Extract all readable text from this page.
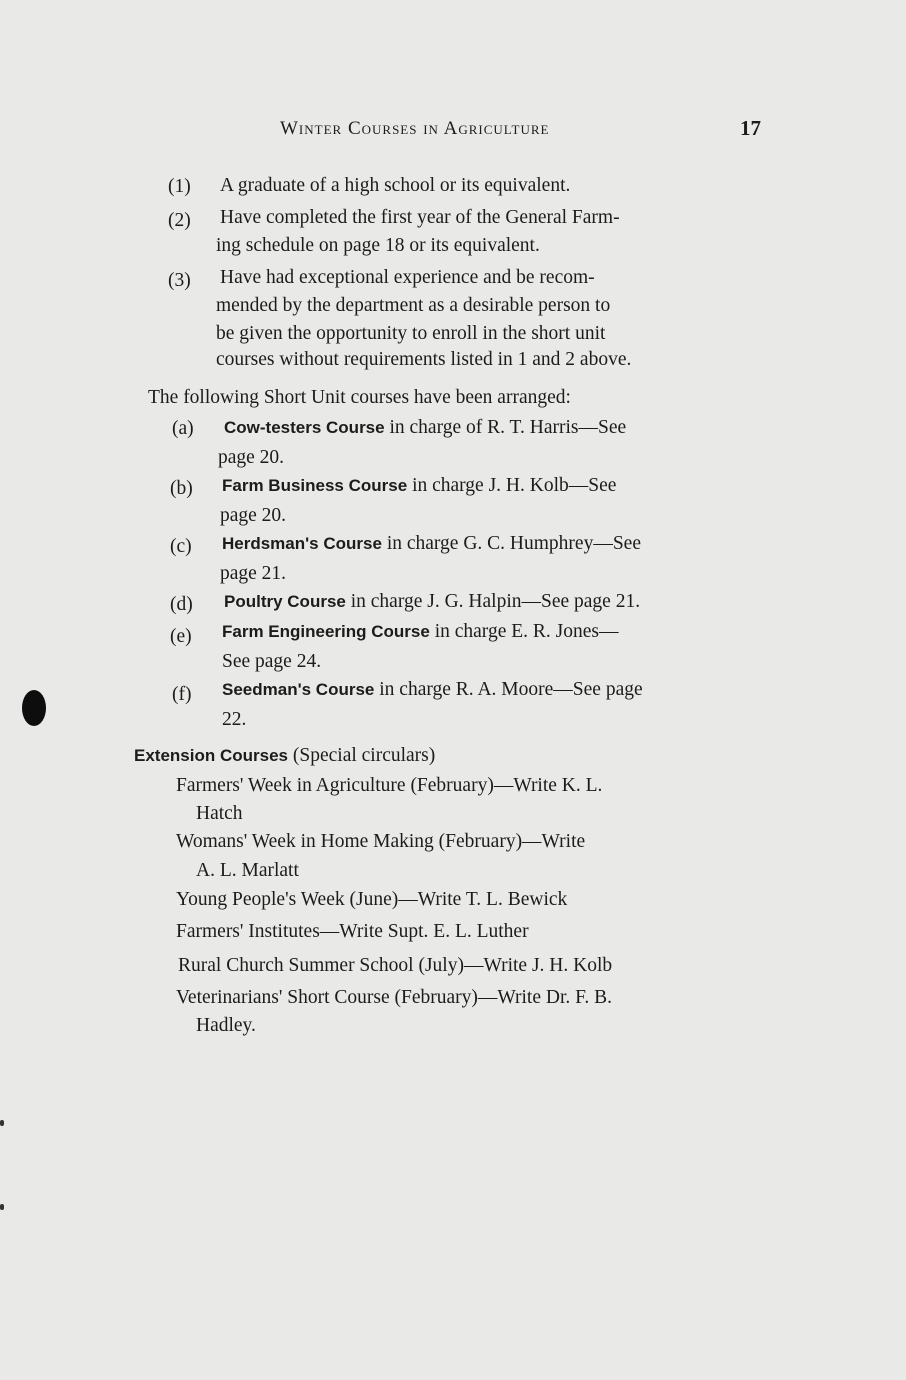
Winter Courses in Agriculture	17
(1) A graduate of a high school or its equivalent.
(2) Have completed the first year of the General Farm-
ing schedule on page 18 or its equivalent.
(3) Have had exceptional experience and be recom-
mended by the department as a desirable person to
be given the opportunity to enroll in the short unit
courses without requirements listed in 1 and 2 above.
The following Short Unit courses have been arranged:
(a) Cow-testers Course in charge of R. T. Harris—See
page 20.
(b) Farm Business Course in charge J. H. Kolb—See
page 20.
(c) Herdsman's Course in charge G. C. Humphrey—See
page 21.
(d) Poultry Course in charge J. G. Halpin—See page 21.
(e) Farm Engineering Course in charge E. R. Jones—
See page 24.
(f) Seedman's Course in charge R. A. Moore—See page
22.
Extension Courses (Special circulars)
Farmers' Week in Agriculture (February)—Write K. L.
Hatch
Womans' Week in Home Making (February)—Write
A. L. Marlatt
Young People's Week (June)—Write T. L. Bewick
Farmers' Institutes—Write Supt. E. L. Luther
Rural Church Summer School (July)—Write J. H. Kolb
Veterinarians' Short Course (February)—Write Dr. F. B.
Hadley.
